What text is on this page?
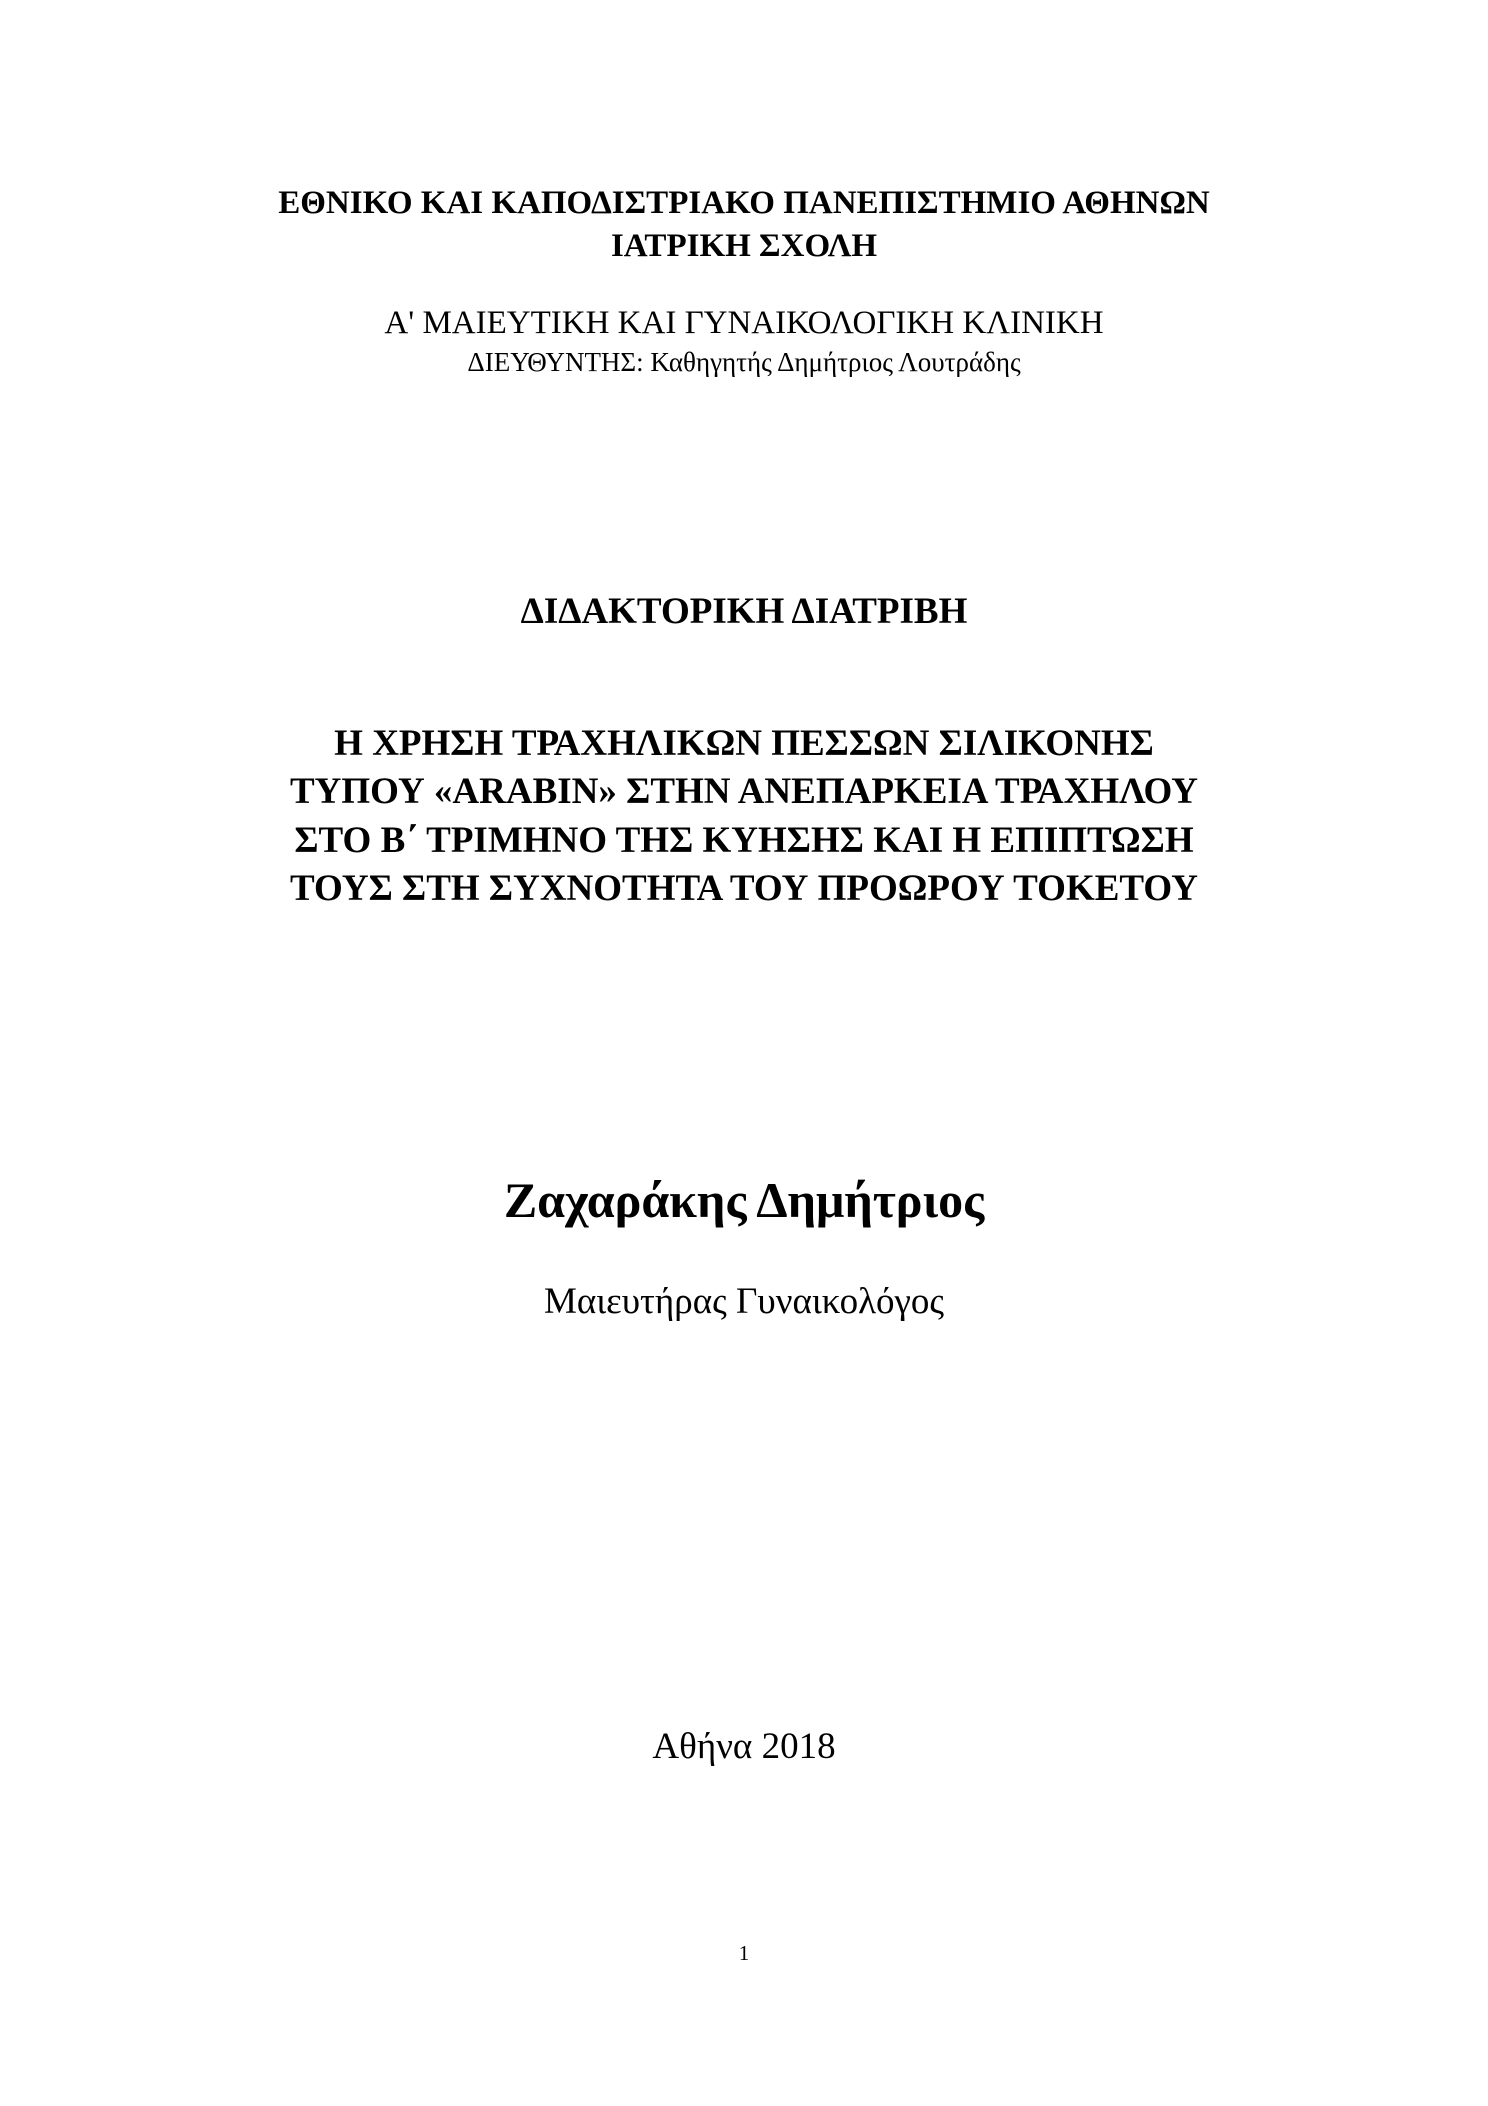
ΕΘΝΙΚΟ ΚΑΙ ΚΑΠΟΔΙΣΤΡΙΑΚΟ ΠΑΝΕΠΙΣΤΗΜΙΟ ΑΘΗΝΩΝ
ΙΑΤΡΙΚΗ ΣΧΟΛΗ
Α' ΜΑΙΕΥΤΙΚΗ ΚΑΙ ΓΥΝΑΙΚΟΛΟΓΙΚΗ ΚΛΙΝΙΚΗ
ΔΙΕΥΘΥΝΤΗΣ: Καθηγητής Δημήτριος Λουτράδης
ΔΙΔΑΚΤΟΡΙΚΗ ΔΙΑΤΡΙΒΗ
Η ΧΡΗΣΗ ΤΡΑΧΗΛΙΚΩΝ ΠΕΣΣΩΝ ΣΙΛΙΚΟΝΗΣ
ΤΥΠΟΥ «ARABIN» ΣΤΗΝ ΑΝΕΠΑΡΚΕΙΑ ΤΡΑΧΗΛΟΥ
ΣΤΟ Β΄ ΤΡΙΜΗΝΟ ΤΗΣ ΚΥΗΣΗΣ ΚΑΙ Η ΕΠΙΠΤΩΣΗ
ΤΟΥΣ ΣΤΗ ΣΥΧΝΟΤΗΤΑ ΤΟΥ ΠΡΟΩΡΟΥ ΤΟΚΕΤΟΥ
Ζαχαράκης Δημήτριος
Μαιευτήρας Γυναικολόγος
Αθήνα 2018
1
